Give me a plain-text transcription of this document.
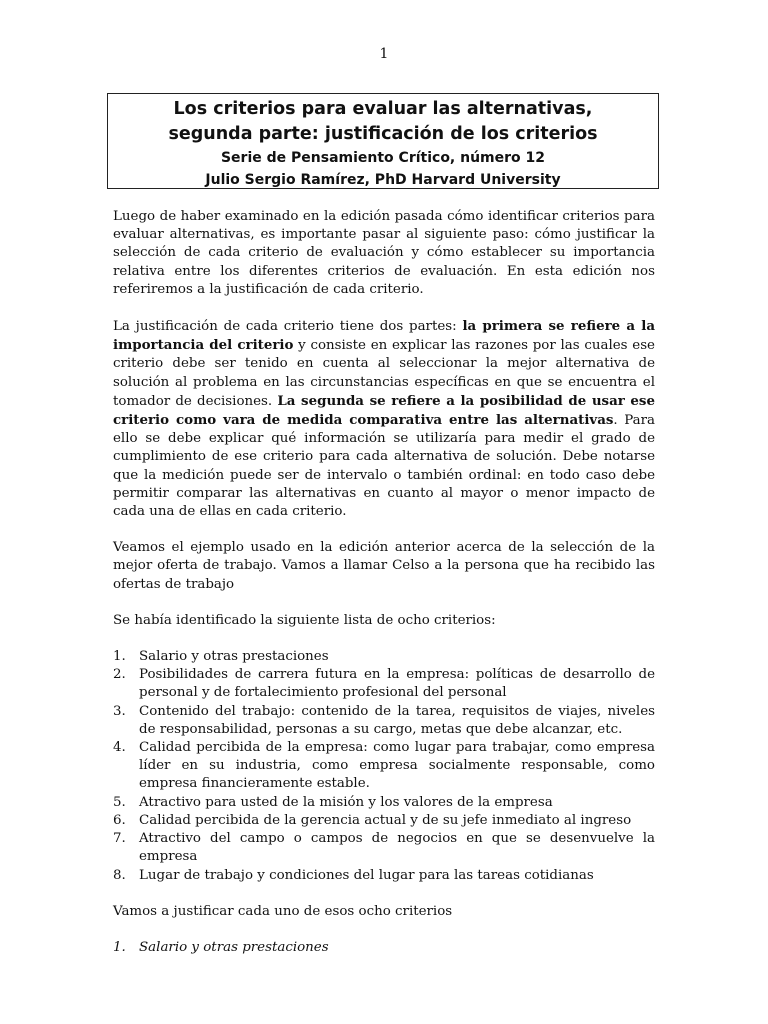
1
Los criterios para evaluar las alternativas,
segunda parte: justificación de los criterios
Serie de Pensamiento Crítico, número 12
Julio Sergio Ramírez, PhD Harvard University

Luego de haber examinado en la edición pasada cómo identificar criterios para evaluar alternativas, es importante pasar al siguiente paso: cómo justificar la selección de cada criterio de evaluación y cómo establecer su importancia relativa entre los diferentes criterios de evaluación. En esta edición nos referiremos a la justificación de cada criterio.

La justificación de cada criterio tiene dos partes: la primera se refiere a la importancia del criterio y consiste en explicar las razones por las cuales ese criterio debe ser tenido en cuenta al seleccionar la mejor alternativa de solución al problema en las circunstancias específicas en que se encuentra el tomador de decisiones. La segunda se refiere a la posibilidad de usar ese criterio como vara de medida comparativa entre las alternativas. Para ello se debe explicar qué información se utilizaría para medir el grado de cumplimiento de ese criterio para cada alternativa de solución. Debe notarse que la medición puede ser de intervalo o también ordinal: en todo caso debe permitir comparar las alternativas en cuanto al mayor o menor impacto de cada una de ellas en cada criterio.

Veamos el ejemplo usado en la edición anterior acerca de la selección de la mejor oferta de trabajo. Vamos a llamar Celso a la persona que ha recibido las ofertas de trabajo

Se había identificado la siguiente lista de ocho criterios:

1. Salario y otras prestaciones
2. Posibilidades de carrera futura en la empresa: políticas de desarrollo de personal y de fortalecimiento profesional del personal
3. Contenido del trabajo: contenido de la tarea, requisitos de viajes, niveles de responsabilidad, personas a su cargo, metas que debe alcanzar, etc.
4. Calidad percibida de la empresa: como lugar para trabajar, como empresa líder en su industria, como empresa socialmente responsable, como empresa financieramente estable.
5. Atractivo para usted de la misión y los valores de la empresa
6. Calidad percibida de la gerencia actual y de su jefe inmediato al ingreso
7. Atractivo del campo o campos de negocios en que se desenvuelve la empresa
8. Lugar de trabajo y condiciones del lugar para las tareas cotidianas

Vamos a justificar cada uno de esos ocho criterios

1. Salario y otras prestaciones
